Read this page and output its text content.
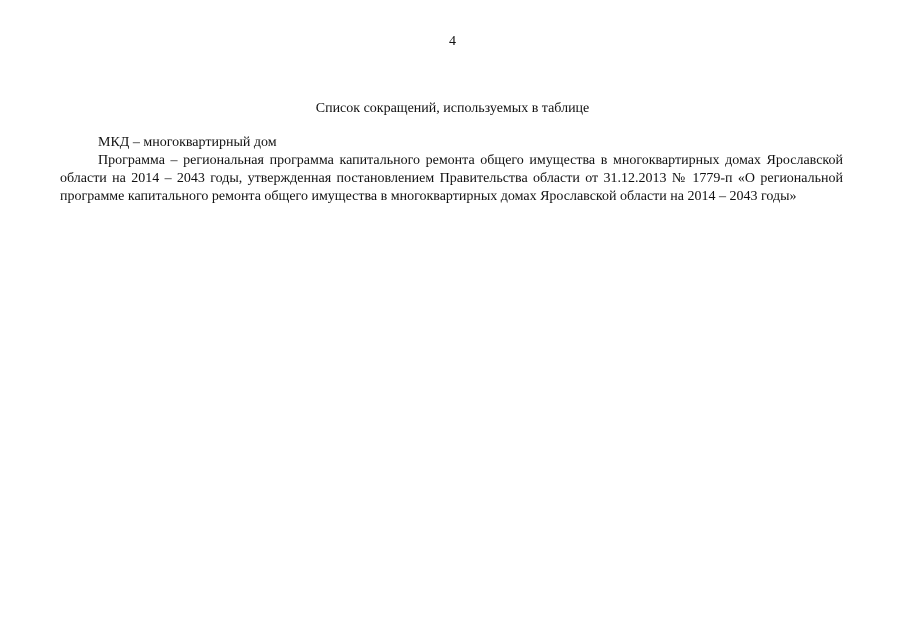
4
Список сокращений, используемых в таблице

МКД – многоквартирный дом

Программа – региональная программа капитального ремонта общего имущества в многоквартирных домах Ярославской области на 2014 – 2043 годы, утвержденная постановлением Правительства области от 31.12.2013 № 1779-п «О региональной программе капитального ремонта общего имущества в многоквартирных домах Ярославской области на 2014 – 2043 годы»
